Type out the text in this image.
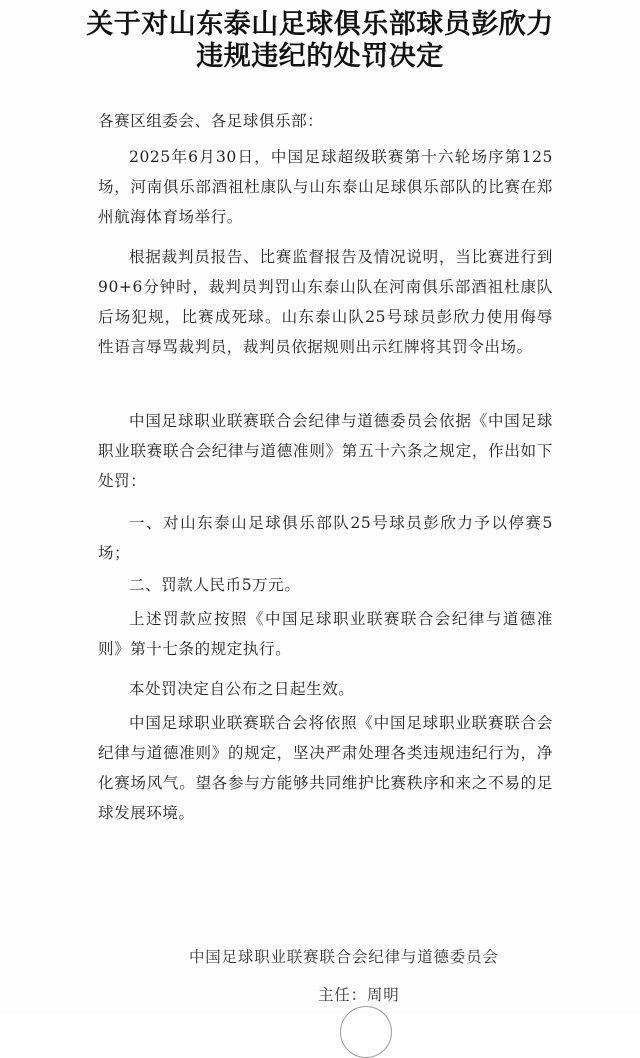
关于对山东泰山足球俱乐部球员彭欣力
违规违纪的处罚决定

各赛区组委会、各足球俱乐部：

2025年6月30日，中国足球超级联赛第十六轮场序第125场，河南俱乐部酒祖杜康队与山东泰山足球俱乐部队的比赛在郑州航海体育场举行。

根据裁判员报告、比赛监督报告及情况说明，当比赛进行到90+6分钟时，裁判员判罚山东泰山队在河南俱乐部酒祖杜康队后场犯规，比赛成死球。山东泰山队25号球员彭欣力使用侮辱性语言辱骂裁判员，裁判员依据规则出示红牌将其罚令出场。

中国足球职业联赛联合会纪律与道德委员会依据《中国足球职业联赛联合会纪律与道德准则》第五十六条之规定，作出如下处罚：

一、对山东泰山足球俱乐部队25号球员彭欣力予以停赛5场；

二、罚款人民币5万元。

上述罚款应按照《中国足球职业联赛联合会纪律与道德准则》第十七条的规定执行。

本处罚决定自公布之日起生效。

中国足球职业联赛联合会将依照《中国足球职业联赛联合会纪律与道德准则》的规定，坚决严肃处理各类违规违纪行为，净化赛场风气。望各参与方能够共同维护比赛秩序和来之不易的足球发展环境。

中国足球职业联赛联合会纪律与道德委员会
主任：周明
